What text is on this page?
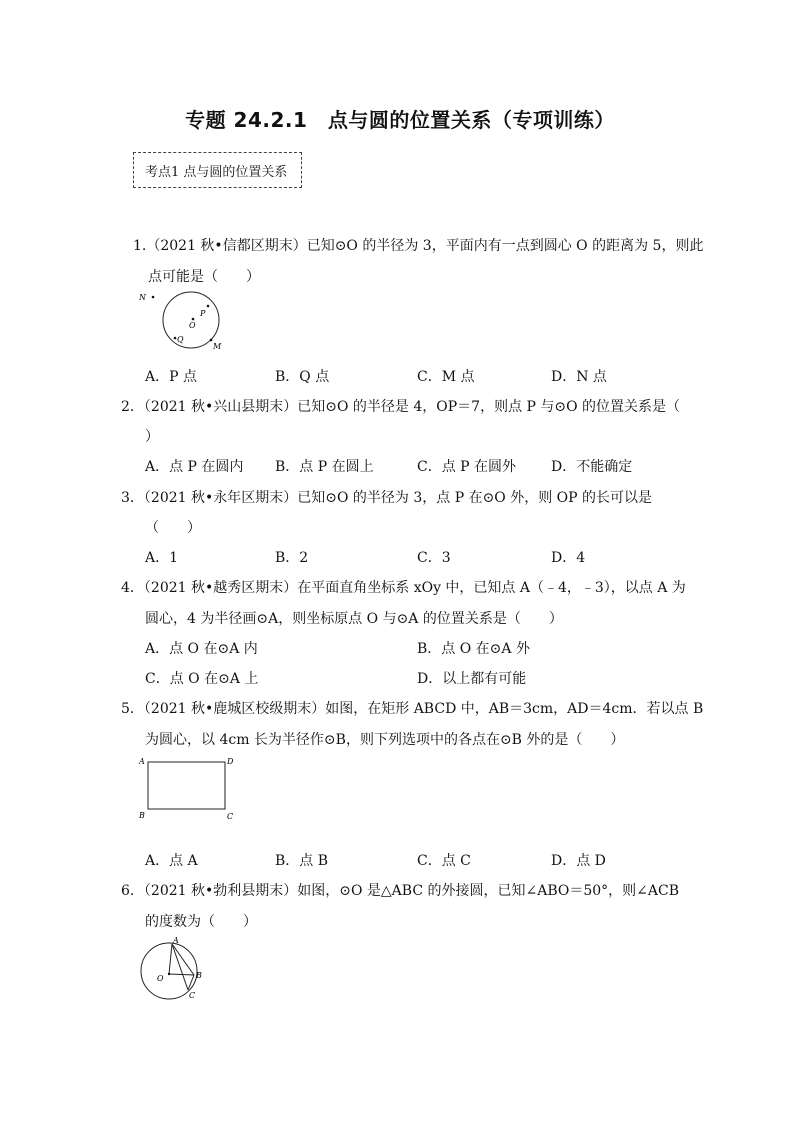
专题 24.2.1　点与圆的位置关系（专项训练）
考点1 点与圆的位置关系
1.（2021 秋•信都区期末）已知⊙O 的半径为 3，平面内有一点到圆心 O 的距离为 5，则此
点可能是（　　）
N
P
O
Q
M
A．P 点	B．Q 点	C．M 点	D．N 点
2．（2021 秋•兴山县期末）已知⊙O 的半径是 4，OP＝7，则点 P 与⊙O 的位置关系是（
）
A．点 P 在圆内 B．点 P 在圆上	C．点 P 在圆外 D．不能确定
3．（2021 秋•永年区期末）已知⊙O 的半径为 3，点 P 在⊙O 外，则 OP 的长可以是
（　　）
A．1	B．2	C．3	D．4
4．（2021 秋•越秀区期末）在平面直角坐标系 xOy 中，已知点 A（﹣4，﹣3），以点 A 为
圆心，4 为半径画⊙A，则坐标原点 O 与⊙A 的位置关系是（　　）
A．点 O 在⊙A 内	B．点 O 在⊙A 外
C．点 O 在⊙A 上	D．以上都有可能
5．（2021 秋•鹿城区校级期末）如图，在矩形 ABCD 中，AB＝3cm，AD＝4cm．若以点 B
为圆心，以 4cm 长为半径作⊙B，则下列选项中的各点在⊙B 外的是（　　）
A	D
B	C
A．点 A	B．点 B	C．点 C	D．点 D
6．（2021 秋•勃利县期末）如图，⊙O 是△ABC 的外接圆，已知∠ABO＝50°，则∠ACB
的度数为（　　）
A
O	B
C
